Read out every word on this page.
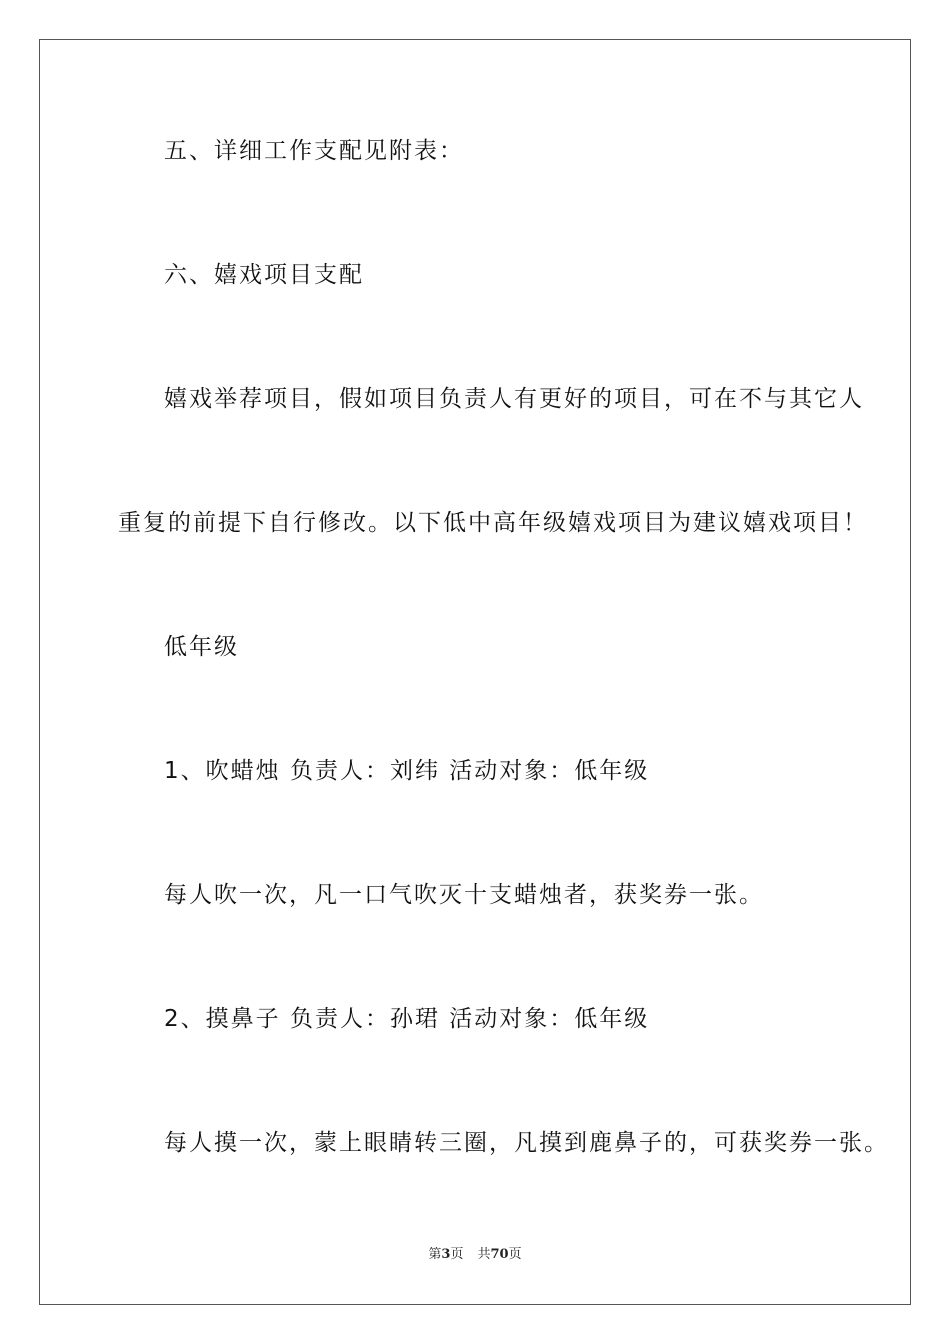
五、详细工作支配见附表：
六、嬉戏项目支配
嬉戏举荐项目，假如项目负责人有更好的项目，可在不与其它人
重复的前提下自行修改。以下低中高年级嬉戏项目为建议嬉戏项目！
低年级
1、吹蜡烛 负责人：刘纬 活动对象：低年级
每人吹一次，凡一口气吹灭十支蜡烛者，获奖券一张。
2、摸鼻子 负责人：孙珺 活动对象：低年级
每人摸一次，蒙上眼睛转三圈，凡摸到鹿鼻子的，可获奖券一张。
第3页 共70页
